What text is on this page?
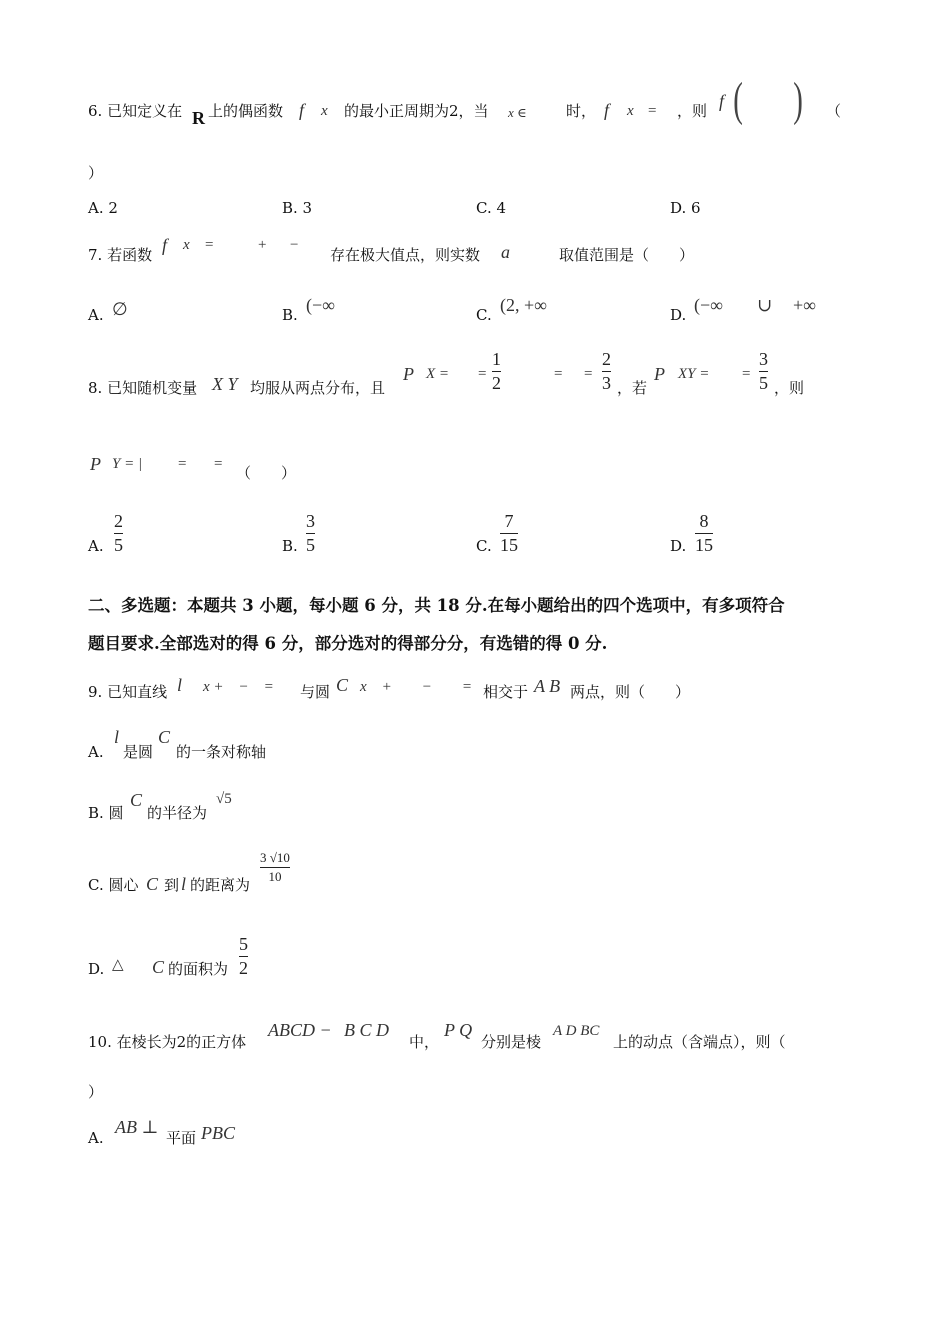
6. 已知定义在 R 上的偶函数 f x 的最小正周期为2，当 x ∈	时， f x = ，则 f ( ) （
）
A. 2	B. 3	C. 4	D. 6
7. 若函数 f x =	+ −
存在极大值点，则实数 a	取值范围是（　　）
A. ∅	B. (−∞	C. (2, +∞	D. (−∞ ∪ +∞
8. 已知随机变量 X Y 均服从两点分布，且
P X = =
1
2	= =
2
3 ，若
P XY = =
3
5 ，则
P Y = | = = （　　）
A.
2
5	B.
3
5	C.
7
15	D.
8
15
二、多选题：本题共 3 小题，每小题 6 分，共 18 分.在每小题给出的四个选项中，有多项符合
题目要求.全部选对的得 6 分，部分选对的得部分分，有选错的得 0 分.
9. 已知直线 l x +　−　= 与圆 C x　+　　−　　= 相交于 A B 两点，则（　　）
A.
l
是圆
C
的一条对称轴
B. 圆
C
的半径为
√5
C. 圆心 C 到 l 的距离为
3 √10
10
D. △ C 的面积为
5
2
10. 在棱长为2的正方体
ABCD − B C D
中，
P Q
分别是棱
A D BC
上的动点（含端点），则（
）
A.
AB ⊥
平面 PBC
